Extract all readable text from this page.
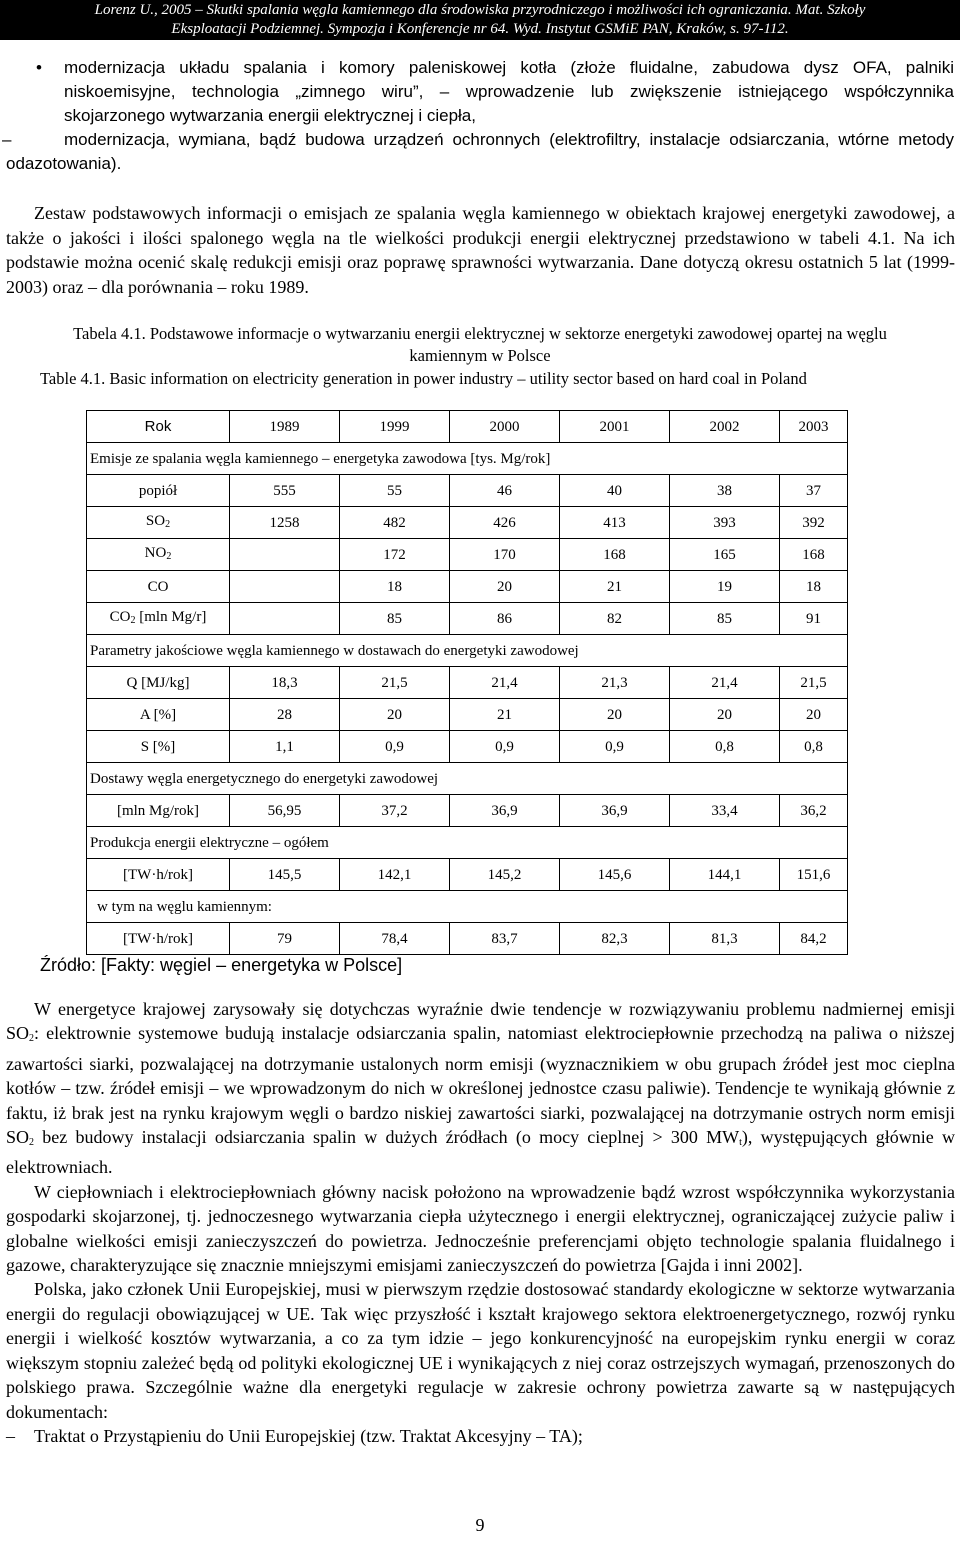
Lorenz U., 2005 – Skutki spalania węgla kamiennego dla środowiska przyrodniczego i możliwości ich ograniczania. Mat. Szkoły
Eksploatacji Podziemnej. Sympozja i Konferencje nr 64. Wyd. Instytut GSMiE PAN, Kraków, s. 97-112.
• modernizacja układu spalania i komory paleniskowej kotła (złoże fluidalne, zabudowa dysz OFA, palniki niskoemisyjne, technologia „zimnego wiru”, – wprowadzenie lub zwiększenie istniejącego współczynnika skojarzonego wytwarzania energii elektrycznej i ciepła,
–	modernizacja, wymiana, bądź budowa urządzeń ochronnych (elektrofiltry, instalacje odsiarczania, wtórne metody odazotowania).
Zestaw podstawowych informacji o emisjach ze spalania węgla kamiennego w obiektach krajowej energetyki zawodowej, a także o jakości i ilości spalonego węgla na tle wielkości produkcji energii elektrycznej przedstawiono w tabeli 4.1. Na ich podstawie można ocenić skalę redukcji emisji oraz poprawę sprawności wytwarzania. Dane dotyczą okresu ostatnich 5 lat (1999-2003) oraz – dla porównania – roku 1989.
Tabela 4.1. Podstawowe informacje o wytwarzaniu energii elektrycznej w sektorze energetyki zawodowej opartej na węglu
kamiennym w Polsce
Table 4.1. Basic information on electricity generation in power industry – utility sector based on hard coal in Poland
Rok	1989	1999	2000	2001	2002	2003
Emisje ze spalania węgla kamiennego – energetyka zawodowa [tys. Mg/rok]						
popiół	555	55	46	40	38	37
$SO_2$	1258	482	426	413	393	392
$NO_2$		172	170	168	165	168
CO		18	20	21	19	18
$CO_2$ [mln Mg/r]		85	86	82	85	91
Parametry jakościowe węgla kamiennego w dostawach do energetyki zawodowej						
Q [MJ/kg]	18,3	21,5	21,4	21,3	21,4	21,5
A [%]	28	20	21	20	20	20
S [%]	1,1	0,9	0,9	0,9	0,8	0,8
Dostawy węgla energetycznego do energetyki zawodowej						
[mln Mg/rok]	56,95	37,2	36,9	36,9	33,4	36,2
Produkcja energii elektryczne – ogółem						
[TW·h/rok]	145,5	142,1	145,2	145,6	144,1	151,6
w tym na węglu kamiennym:						
[TW·h/rok]	79	78,4	83,7	82,3	81,3	84,2
Źródło: [Fakty: węgiel – energetyka w Polsce]

W energetyce krajowej zarysowały się dotychczas wyraźnie dwie tendencje w rozwiązywaniu problemu nadmiernej emisji $SO_2$: elektrownie systemowe budują instalacje odsiarczania spalin, natomiast elektrociepłownie przechodzą na paliwa o niższej zawartości siarki, pozwalającej na dotrzymanie ustalonych norm emisji (wyznacznikiem w obu grupach źródeł jest moc cieplna kotłów – tzw. źródeł emisji – we wprowadzonym do nich w określonej jednostce czasu paliwie). Tendencje te wynikają głównie z faktu, iż brak jest na rynku krajowym węgli o bardzo niskiej zawartości siarki, pozwalającej na dotrzymanie ostrych norm emisji $SO_2$ bez budowy instalacji odsiarczania spalin w dużych źródłach (o mocy cieplnej > 300 $MW_t$), występujących głównie w elektrowniach.

W ciepłowniach i elektrociepłowniach główny nacisk położono na wprowadzenie bądź wzrost współczynnika wykorzystania gospodarki skojarzonej, tj. jednoczesnego wytwarzania ciepła użytecznego i energii elektrycznej, ograniczającej zużycie paliw i globalne wielkości emisji zanieczyszczeń do powietrza. Jednocześnie preferencjami objęto technologie spalania fluidalnego i gazowe, charakteryzujące się znacznie mniejszymi emisjami zanieczyszczeń do powietrza [Gajda i inni 2002].

Polska, jako członek Unii Europejskiej, musi w pierwszym rzędzie dostosować standardy ekologiczne w sektorze wytwarzania energii do regulacji obowiązującej w UE. Tak więc przyszłość i kształt krajowego sektora elektroenergetycznego, rozwój rynku energii i wielkość kosztów wytwarzania, a co za tym idzie – jego konkurencyjność na europejskim rynku energii w coraz większym stopniu zależeć będą od polityki ekologicznej UE i wynikających z niej coraz ostrzejszych wymagań, przenoszonych do polskiego prawa. Szczególnie ważne dla energetyki regulacje w zakresie ochrony powietrza zawarte są w następujących dokumentach:

– Traktat o Przystąpieniu do Unii Europejskiej (tzw. Traktat Akcesyjny – TA);

9
